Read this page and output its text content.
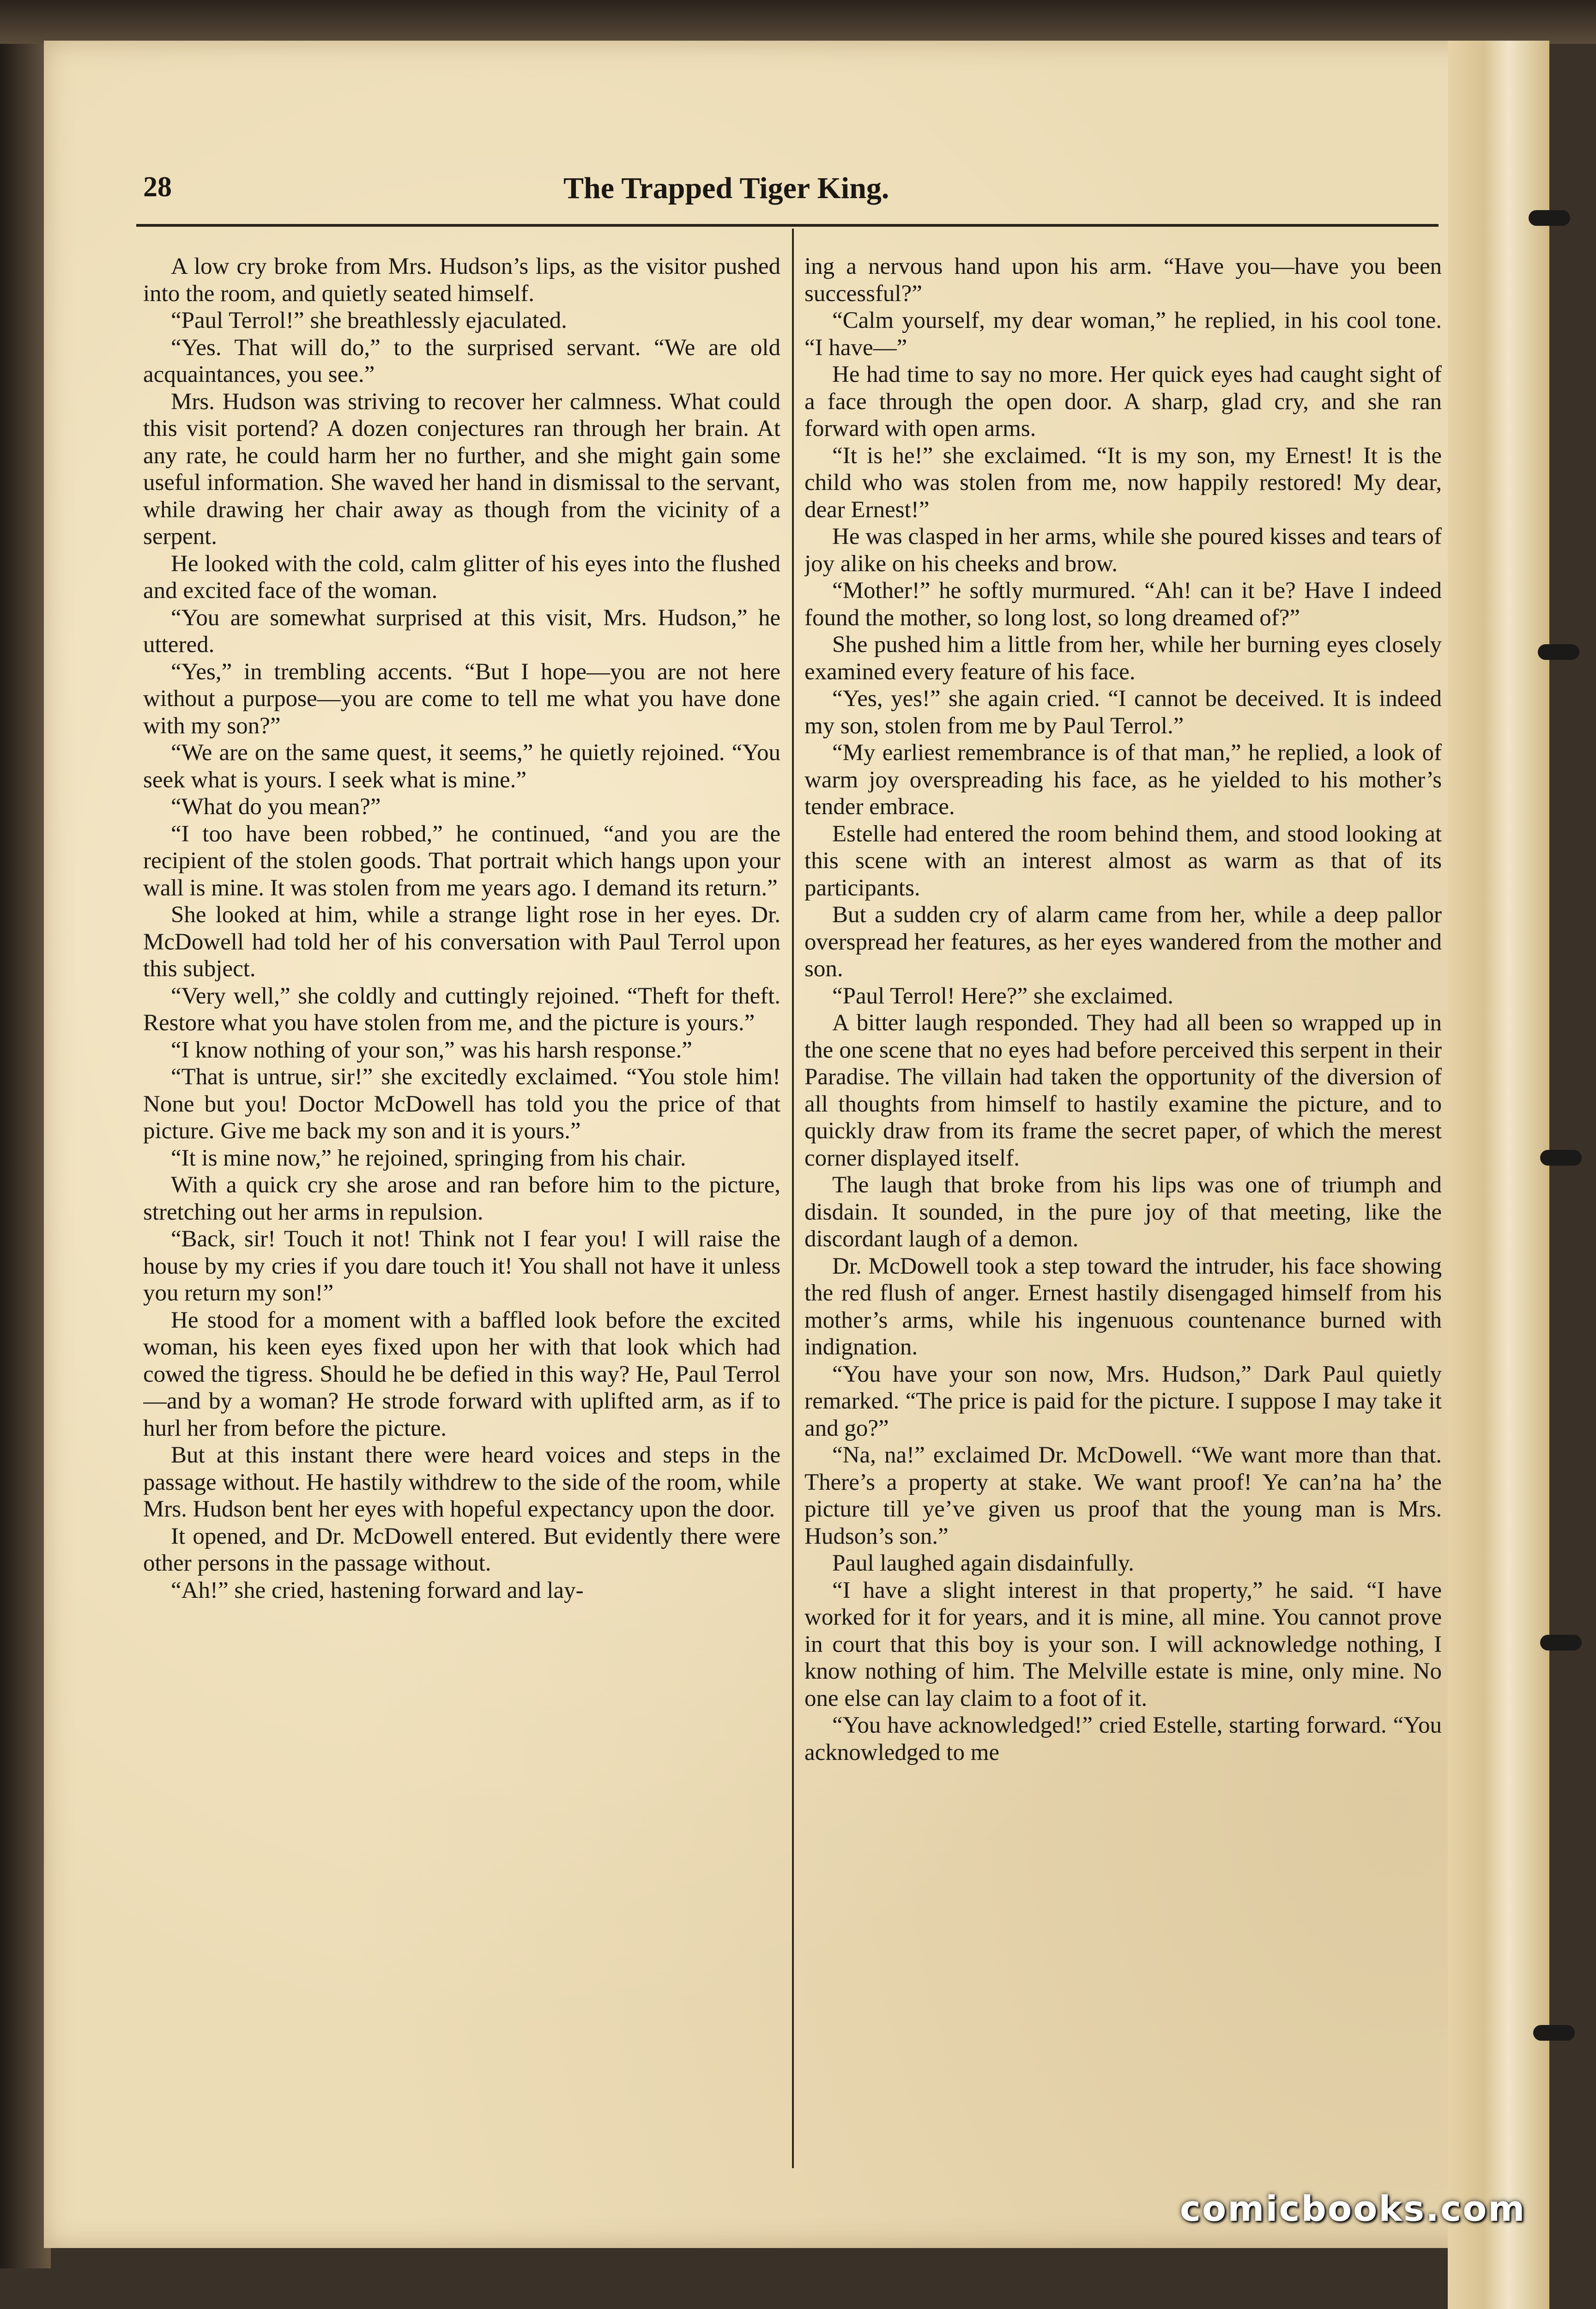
28	The Trapped Tiger King.

A low cry broke from Mrs. Hudson’s lips, as the visitor pushed into the room, and quietly seated himself.

“Paul Terrol!” she breathlessly ejaculated.

“Yes. That will do,” to the surprised servant. “We are old acquaintances, you see.”

Mrs. Hudson was striving to recover her calmness. What could this visit portend? A dozen conjectures ran through her brain. At any rate, he could harm her no further, and she might gain some useful information. She waved her hand in dismissal to the servant, while drawing her chair away as though from the vicinity of a serpent.

He looked with the cold, calm glitter of his eyes into the flushed and excited face of the woman.

“You are somewhat surprised at this visit, Mrs. Hudson,” he uttered.

“Yes,” in trembling accents. “But I hope—you are not here without a purpose—you are come to tell me what you have done with my son?”

“We are on the same quest, it seems,” he quietly rejoined. “You seek what is yours. I seek what is mine.”

“What do you mean?”

“I too have been robbed,” he continued, “and you are the recipient of the stolen goods. That portrait which hangs upon your wall is mine. It was stolen from me years ago. I demand its return.”

She looked at him, while a strange light rose in her eyes. Dr. McDowell had told her of his conversation with Paul Terrol upon this subject.

“Very well,” she coldly and cuttingly rejoined. “Theft for theft. Restore what you have stolen from me, and the picture is yours.”

“I know nothing of your son,” was his harsh response.”

“That is untrue, sir!” she excitedly exclaimed. “You stole him! None but you! Doctor McDowell has told you the price of that picture. Give me back my son and it is yours.”

“It is mine now,” he rejoined, springing from his chair.

With a quick cry she arose and ran before him to the picture, stretching out her arms in repulsion.

“Back, sir! Touch it not! Think not I fear you! I will raise the house by my cries if you dare touch it! You shall not have it unless you return my son!”

He stood for a moment with a baffled look before the excited woman, his keen eyes fixed upon her with that look which had cowed the tigress. Should he be defied in this way? He, Paul Terrol—and by a woman? He strode forward with uplifted arm, as if to hurl her from before the picture.

But at this instant there were heard voices and steps in the passage without. He hastily withdrew to the side of the room, while Mrs. Hudson bent her eyes with hopeful expectancy upon the door.

It opened, and Dr. McDowell entered. But evidently there were other persons in the passage without.

“Ah!” she cried, hastening forward and lay-

ing a nervous hand upon his arm. “Have you—have you been successful?”

“Calm yourself, my dear woman,” he replied, in his cool tone. “I have—”

He had time to say no more. Her quick eyes had caught sight of a face through the open door. A sharp, glad cry, and she ran forward with open arms.

“It is he!” she exclaimed. “It is my son, my Ernest! It is the child who was stolen from me, now happily restored! My dear, dear Ernest!”

He was clasped in her arms, while she poured kisses and tears of joy alike on his cheeks and brow.

“Mother!” he softly murmured. “Ah! can it be? Have I indeed found the mother, so long lost, so long dreamed of?”

She pushed him a little from her, while her burning eyes closely examined every feature of his face.

“Yes, yes!” she again cried. “I cannot be deceived. It is indeed my son, stolen from me by Paul Terrol.”

“My earliest remembrance is of that man,” he replied, a look of warm joy overspreading his face, as he yielded to his mother’s tender embrace.

Estelle had entered the room behind them, and stood looking at this scene with an interest almost as warm as that of its participants.

But a sudden cry of alarm came from her, while a deep pallor overspread her features, as her eyes wandered from the mother and son.

“Paul Terrol! Here?” she exclaimed.

A bitter laugh responded. They had all been so wrapped up in the one scene that no eyes had before perceived this serpent in their Paradise. The villain had taken the opportunity of the diversion of all thoughts from himself to hastily examine the picture, and to quickly draw from its frame the secret paper, of which the merest corner displayed itself.

The laugh that broke from his lips was one of triumph and disdain. It sounded, in the pure joy of that meeting, like the discordant laugh of a demon.

Dr. McDowell took a step toward the intruder, his face showing the red flush of anger. Ernest hastily disengaged himself from his mother’s arms, while his ingenuous countenance burned with indignation.

“You have your son now, Mrs. Hudson,” Dark Paul quietly remarked. “The price is paid for the picture. I suppose I may take it and go?”

“Na, na!” exclaimed Dr. McDowell. “We want more than that. There’s a property at stake. We want proof! Ye can’na ha’ the picture till ye’ve given us proof that the young man is Mrs. Hudson’s son.”

Paul laughed again disdainfully.

“I have a slight interest in that property,” he said. “I have worked for it for years, and it is mine, all mine. You cannot prove in court that this boy is your son. I will acknowledge nothing, I know nothing of him. The Melville estate is mine, only mine. No one else can lay claim to a foot of it.

“You have acknowledged!” cried Estelle, starting forward. “You acknowledged to me

comicbooks.com
